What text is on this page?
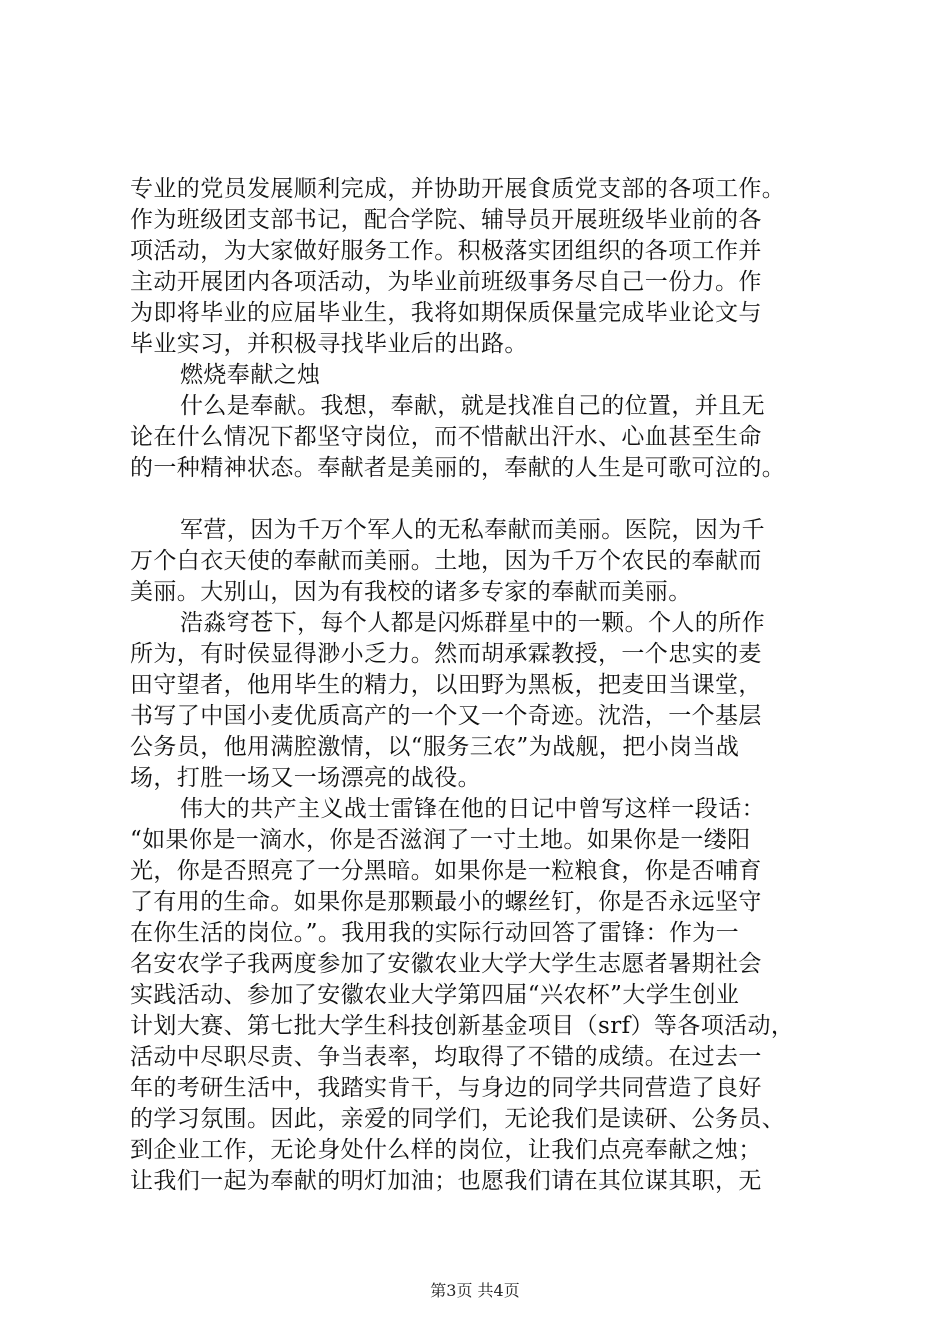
专业的党员发展顺利完成，并协助开展食质党支部的各项工作。
作为班级团支部书记，配合学院、辅导员开展班级毕业前的各
项活动，为大家做好服务工作。积极落实团组织的各项工作并
主动开展团内各项活动，为毕业前班级事务尽自己一份力。作
为即将毕业的应届毕业生，我将如期保质保量完成毕业论文与
毕业实习，并积极寻找毕业后的出路。
燃烧奉献之烛
什么是奉献。我想，奉献，就是找准自己的位置，并且无
论在什么情况下都坚守岗位，而不惜献出汗水、心血甚至生命
的一种精神状态。奉献者是美丽的，奉献的人生是可歌可泣的。
军营，因为千万个军人的无私奉献而美丽。医院，因为千
万个白衣天使的奉献而美丽。土地，因为千万个农民的奉献而
美丽。大别山，因为有我校的诸多专家的奉献而美丽。
浩淼穹苍下，每个人都是闪烁群星中的一颗。个人的所作
所为，有时侯显得渺小乏力。然而胡承霖教授，一个忠实的麦
田守望者，他用毕生的精力，以田野为黑板，把麦田当课堂，
书写了中国小麦优质高产的一个又一个奇迹。沈浩，一个基层
公务员，他用满腔激情，以“服务三农”为战舰，把小岗当战
场，打胜一场又一场漂亮的战役。
伟大的共产主义战士雷锋在他的日记中曾写这样一段话：
“如果你是一滴水，你是否滋润了一寸土地。如果你是一缕阳
光，你是否照亮了一分黑暗。如果你是一粒粮食，你是否哺育
了有用的生命。如果你是那颗最小的螺丝钉，你是否永远坚守
在你生活的岗位。”。我用我的实际行动回答了雷锋：作为一
名安农学子我两度参加了安徽农业大学大学生志愿者暑期社会
实践活动、参加了安徽农业大学第四届“兴农杯”大学生创业
计划大赛、第七批大学生科技创新基金项目（srf）等各项活动，
活动中尽职尽责、争当表率，均取得了不错的成绩。在过去一
年的考研生活中，我踏实肯干，与身边的同学共同营造了良好
的学习氛围。因此，亲爱的同学们，无论我们是读研、公务员、
到企业工作，无论身处什么样的岗位，让我们点亮奉献之烛；
让我们一起为奉献的明灯加油；也愿我们请在其位谋其职，无
第3页 共4页
